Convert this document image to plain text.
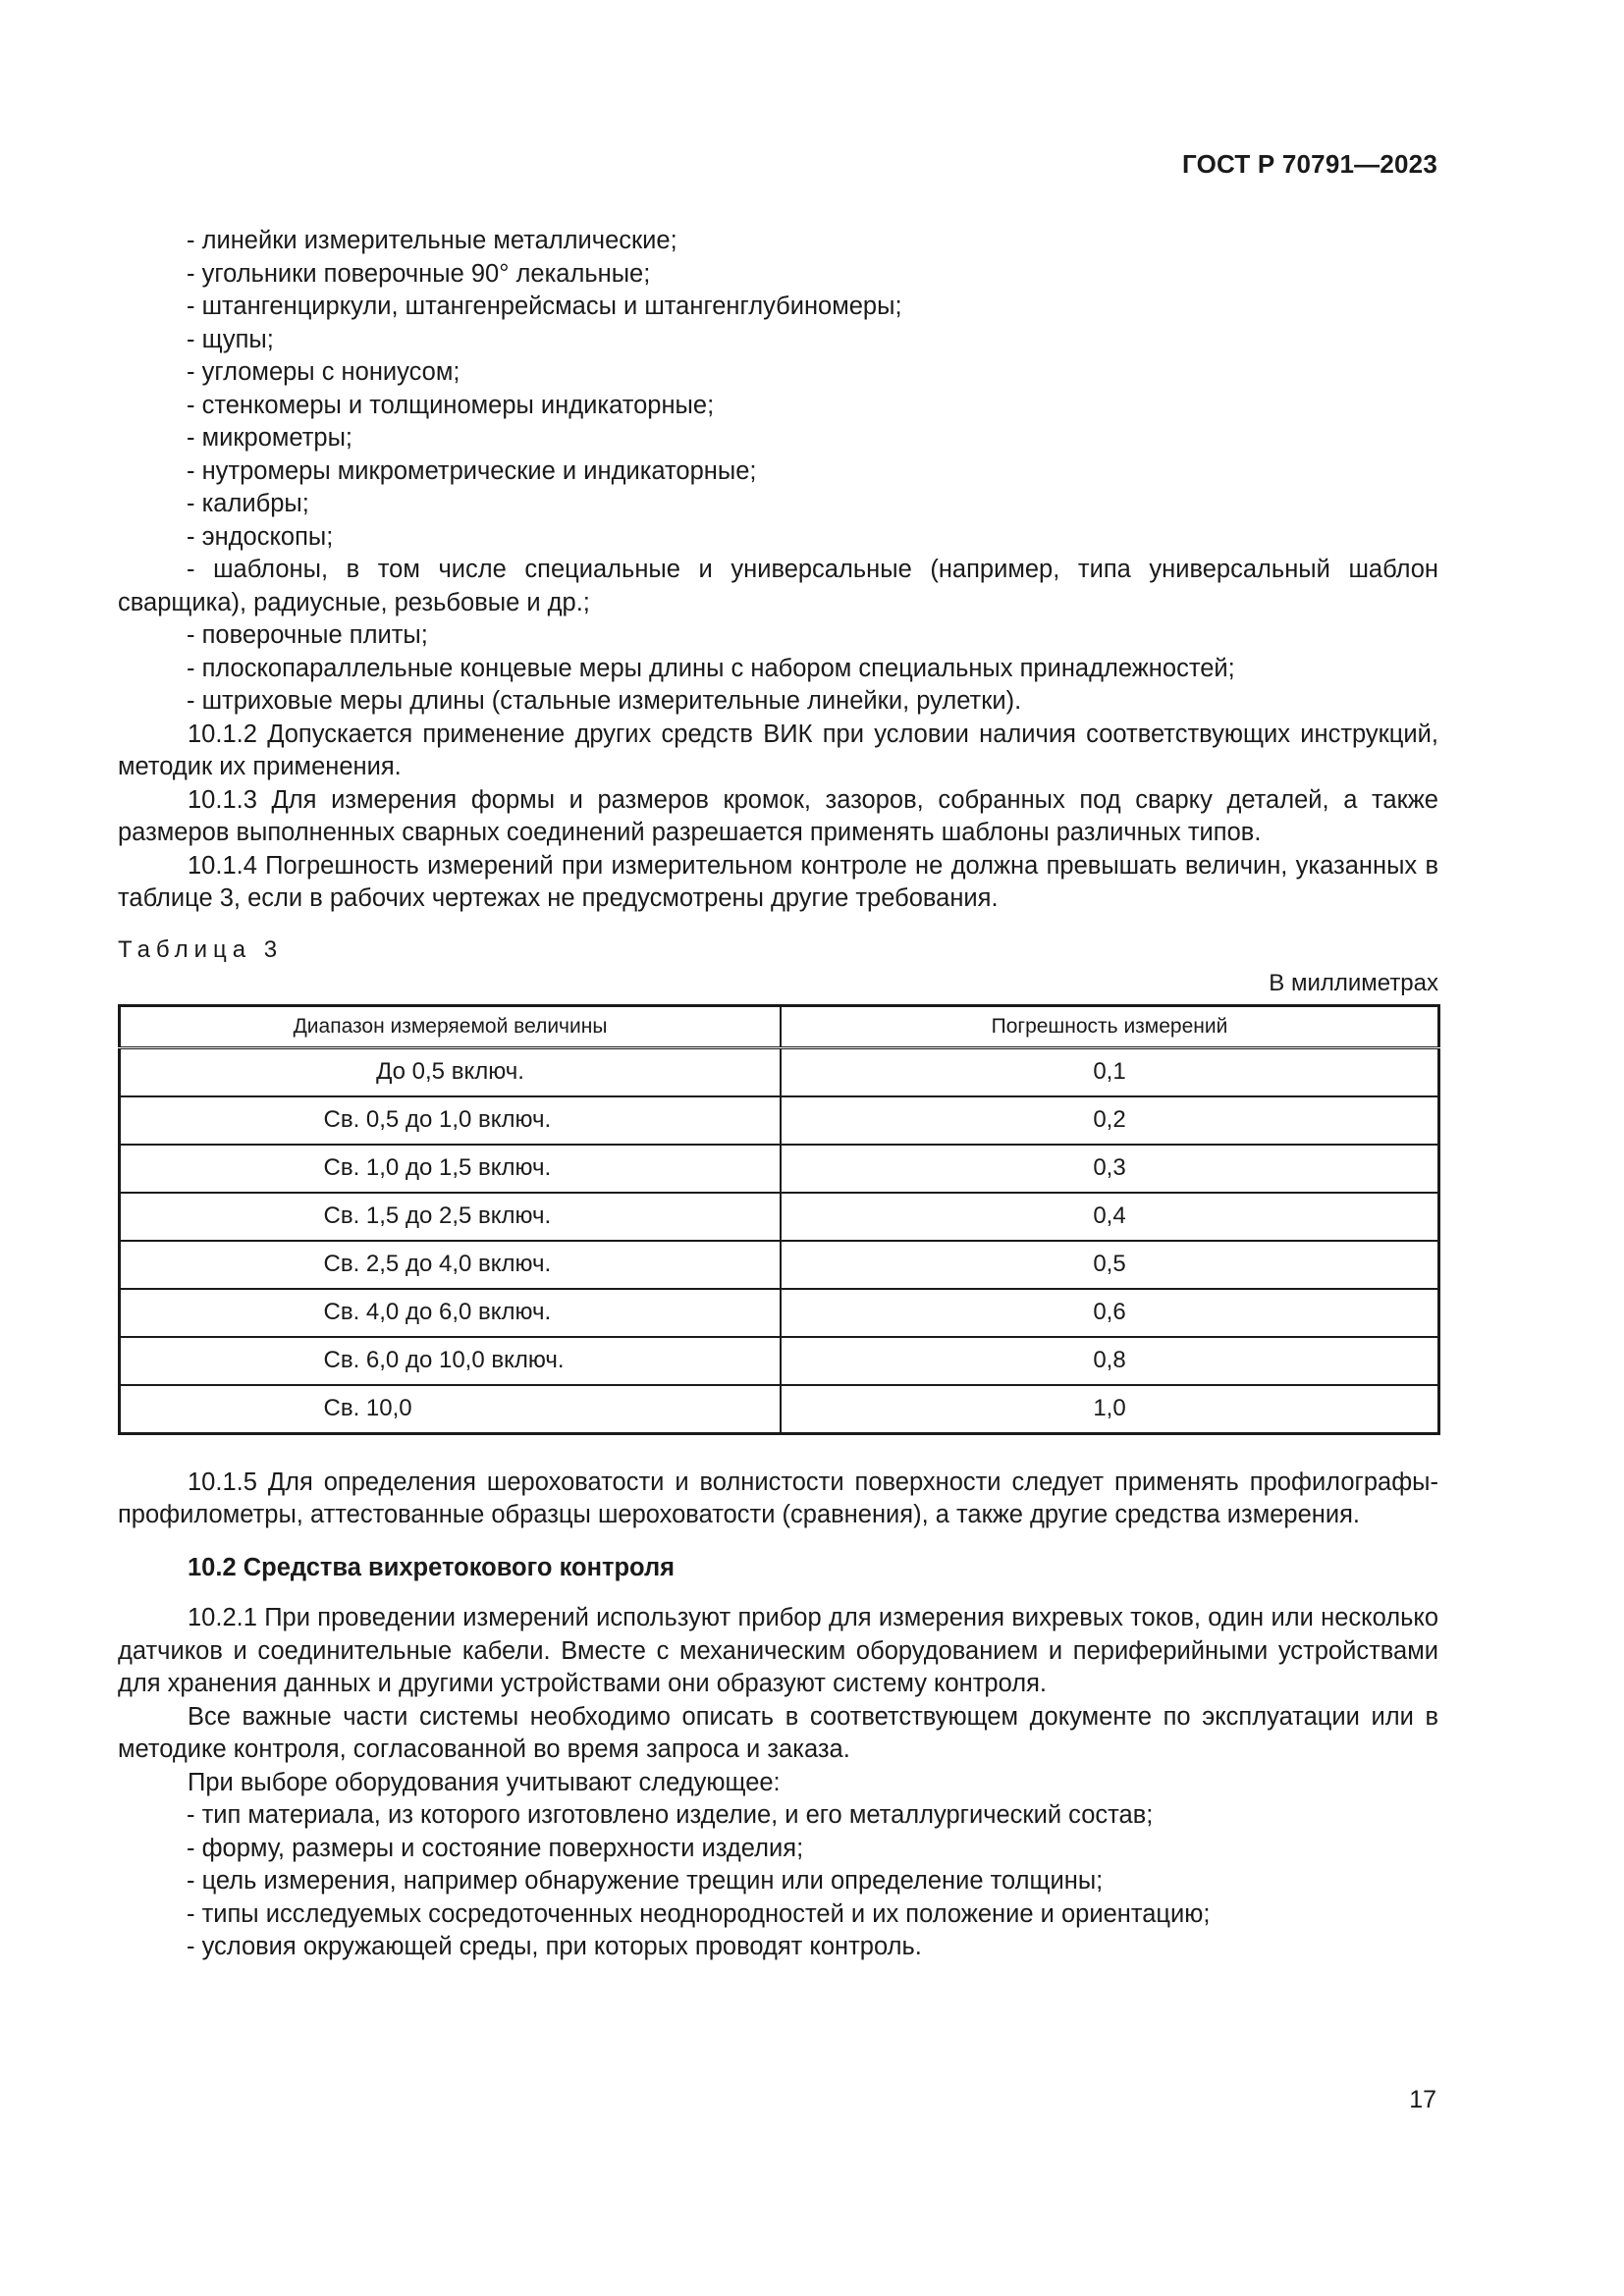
ГОСТ Р 70791—2023
- линейки измерительные металлические;
- угольники поверочные 90° лекальные;
- штангенциркули, штангенрейсмасы и штангенглубиномеры;
- щупы;
- угломеры с нониусом;
- стенкомеры и толщиномеры индикаторные;
- микрометры;
- нутромеры микрометрические и индикаторные;
- калибры;
- эндоскопы;
- шаблоны, в том числе специальные и универсальные (например, типа универсальный шаблон сварщика), радиусные, резьбовые и др.;
- поверочные плиты;
- плоскопараллельные концевые меры длины с набором специальных принадлежностей;
- штриховые меры длины (стальные измерительные линейки, рулетки).
10.1.2 Допускается применение других средств ВИК при условии наличия соответствующих инструкций, методик их применения.
10.1.3 Для измерения формы и размеров кромок, зазоров, собранных под сварку деталей, а также размеров выполненных сварных соединений разрешается применять шаблоны различных типов.
10.1.4 Погрешность измерений при измерительном контроле не должна превышать величин, указанных в таблице 3, если в рабочих чертежах не предусмотрены другие требования.
Таблица 3
В миллиметрах
Диапазон измеряемой величины	Погрешность измерений

До 0,5 включ.	0,1

Св. 0,5 до 1,0 включ.	0,2

Св. 1,0 до 1,5 включ.	0,3

Св. 1,5 до 2,5 включ.	0,4

Св. 2,5 до 4,0 включ.	0,5

Св. 4,0 до 6,0 включ.	0,6

Св. 6,0 до 10,0 включ.	0,8

Св. 10,0	1,0
10.1.5 Для определения шероховатости и волнистости поверхности следует применять профилографы-профилометры, аттестованные образцы шероховатости (сравнения), а также другие средства измерения.
10.2 Средства вихретокового контроля
10.2.1 При проведении измерений используют прибор для измерения вихревых токов, один или несколько датчиков и соединительные кабели. Вместе с механическим оборудованием и периферийными устройствами для хранения данных и другими устройствами они образуют систему контроля.
Все важные части системы необходимо описать в соответствующем документе по эксплуатации или в методике контроля, согласованной во время запроса и заказа.
При выборе оборудования учитывают следующее:
- тип материала, из которого изготовлено изделие, и его металлургический состав;
- форму, размеры и состояние поверхности изделия;
- цель измерения, например обнаружение трещин или определение толщины;
- типы исследуемых сосредоточенных неоднородностей и их положение и ориентацию;
- условия окружающей среды, при которых проводят контроль.
17
